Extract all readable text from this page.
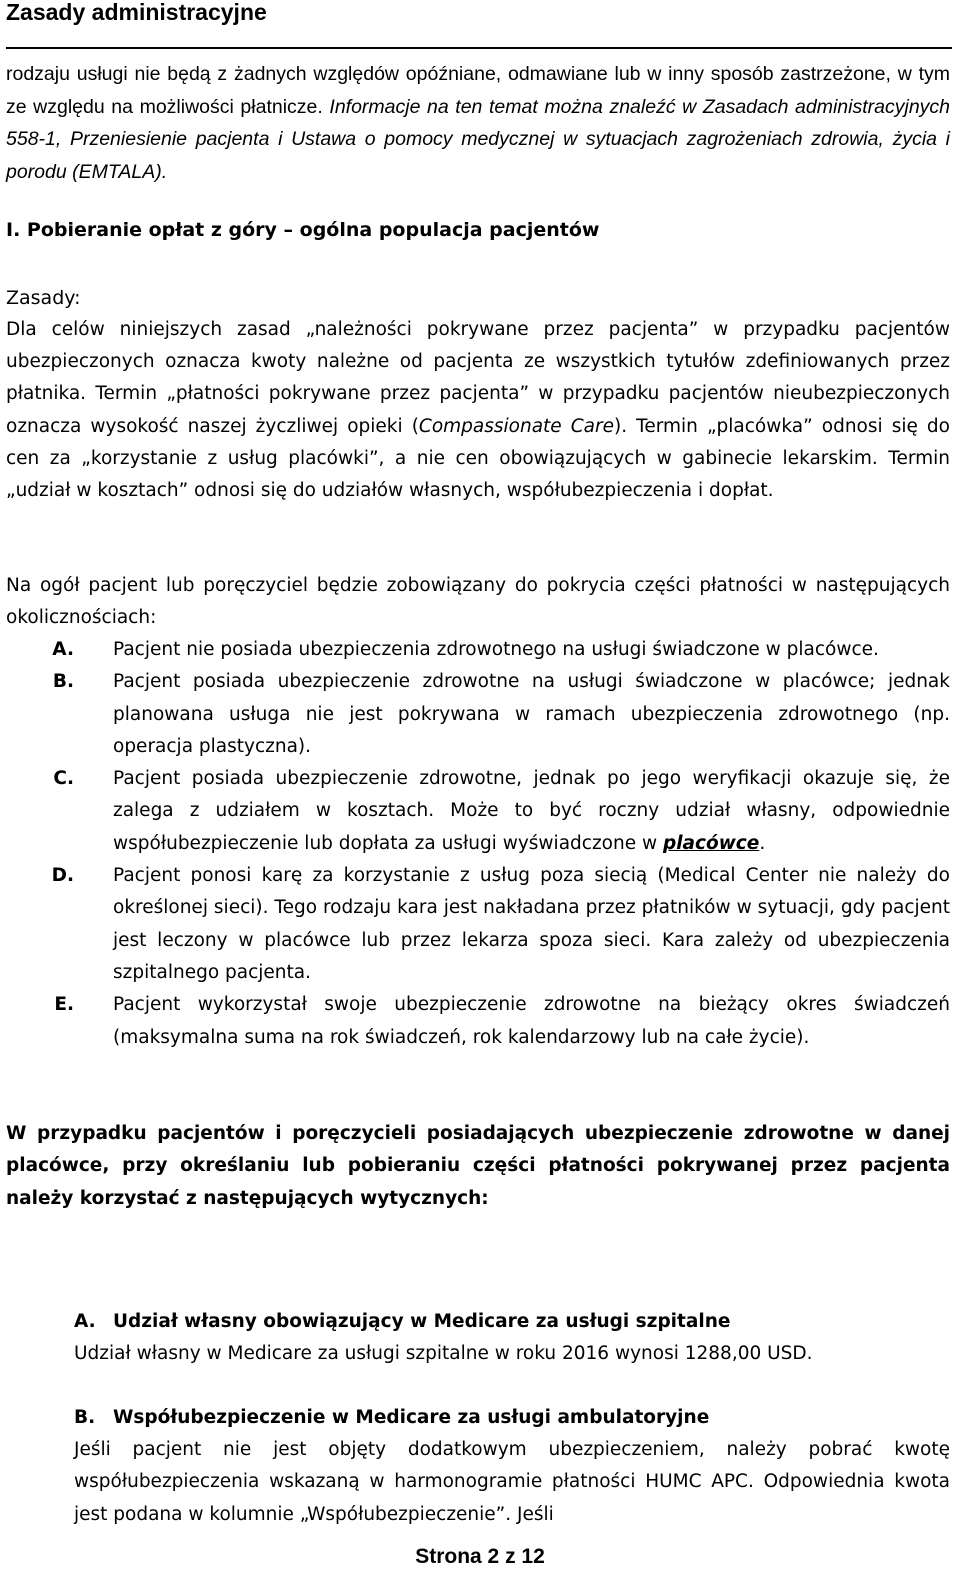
Zasady administracyjne

rodzaju usługi nie będą z żadnych względów opóźniane, odmawiane lub w inny sposób zastrzeżone, w tym ze względu na możliwości płatnicze. Informacje na ten temat można znaleźć w Zasadach administracyjnych 558-1, Przeniesienie pacjenta i Ustawa o pomocy medycznej w sytuacjach zagrożeniach zdrowia, życia i porodu (EMTALA).

I. Pobieranie opłat z góry – ogólna populacja pacjentów

Zasady:

Dla celów niniejszych zasad „należności pokrywane przez pacjenta” w przypadku pacjentów ubezpieczonych oznacza kwoty należne od pacjenta ze wszystkich tytułów zdefiniowanych przez płatnika. Termin „płatności pokrywane przez pacjenta” w przypadku pacjentów nieubezpieczonych oznacza wysokość naszej życzliwej opieki (Compassionate Care). Termin „placówka” odnosi się do cen za „korzystanie z usług placówki”, a nie cen obowiązujących w gabinecie lekarskim. Termin „udział w kosztach” odnosi się do udziałów własnych, współubezpieczenia i dopłat.

Na ogół pacjent lub poręczyciel będzie zobowiązany do pokrycia części płatności w następujących okolicznościach:

A.	Pacjent nie posiada ubezpieczenia zdrowotnego na usługi świadczone w placówce.
B.	Pacjent posiada ubezpieczenie zdrowotne na usługi świadczone w placówce; jednak planowana usługa nie jest pokrywana w ramach ubezpieczenia zdrowotnego (np. operacja plastyczna).
C.	Pacjent posiada ubezpieczenie zdrowotne, jednak po jego weryfikacji okazuje się, że zalega z udziałem w kosztach. Może to być roczny udział własny, odpowiednie współubezpieczenie lub dopłata za usługi wyświadczone w placówce.
D.	Pacjent ponosi karę za korzystanie z usług poza siecią (Medical Center nie należy do określonej sieci). Tego rodzaju kara jest nakładana przez płatników w sytuacji, gdy pacjent jest leczony w placówce lub przez lekarza spoza sieci. Kara zależy od ubezpieczenia szpitalnego pacjenta.
E.	Pacjent wykorzystał swoje ubezpieczenie zdrowotne na bieżący okres świadczeń (maksymalna suma na rok świadczeń, rok kalendarzowy lub na całe życie).

W przypadku pacjentów i poręczycieli posiadających ubezpieczenie zdrowotne w danej placówce, przy określaniu lub pobieraniu części płatności pokrywanej przez pacjenta należy korzystać z następujących wytycznych:

A. Udział własny obowiązujący w Medicare za usługi szpitalne

Udział własny w Medicare za usługi szpitalne w roku 2016 wynosi 1288,00 USD.

B. Współubezpieczenie w Medicare za usługi ambulatoryjne

Jeśli pacjent nie jest objęty dodatkowym ubezpieczeniem, należy pobrać kwotę współubezpieczenia wskazaną w harmonogramie płatności HUMC APC. Odpowiednia kwota jest podana w kolumnie „Współubezpieczenie”. Jeśli

Strona 2 z 12
